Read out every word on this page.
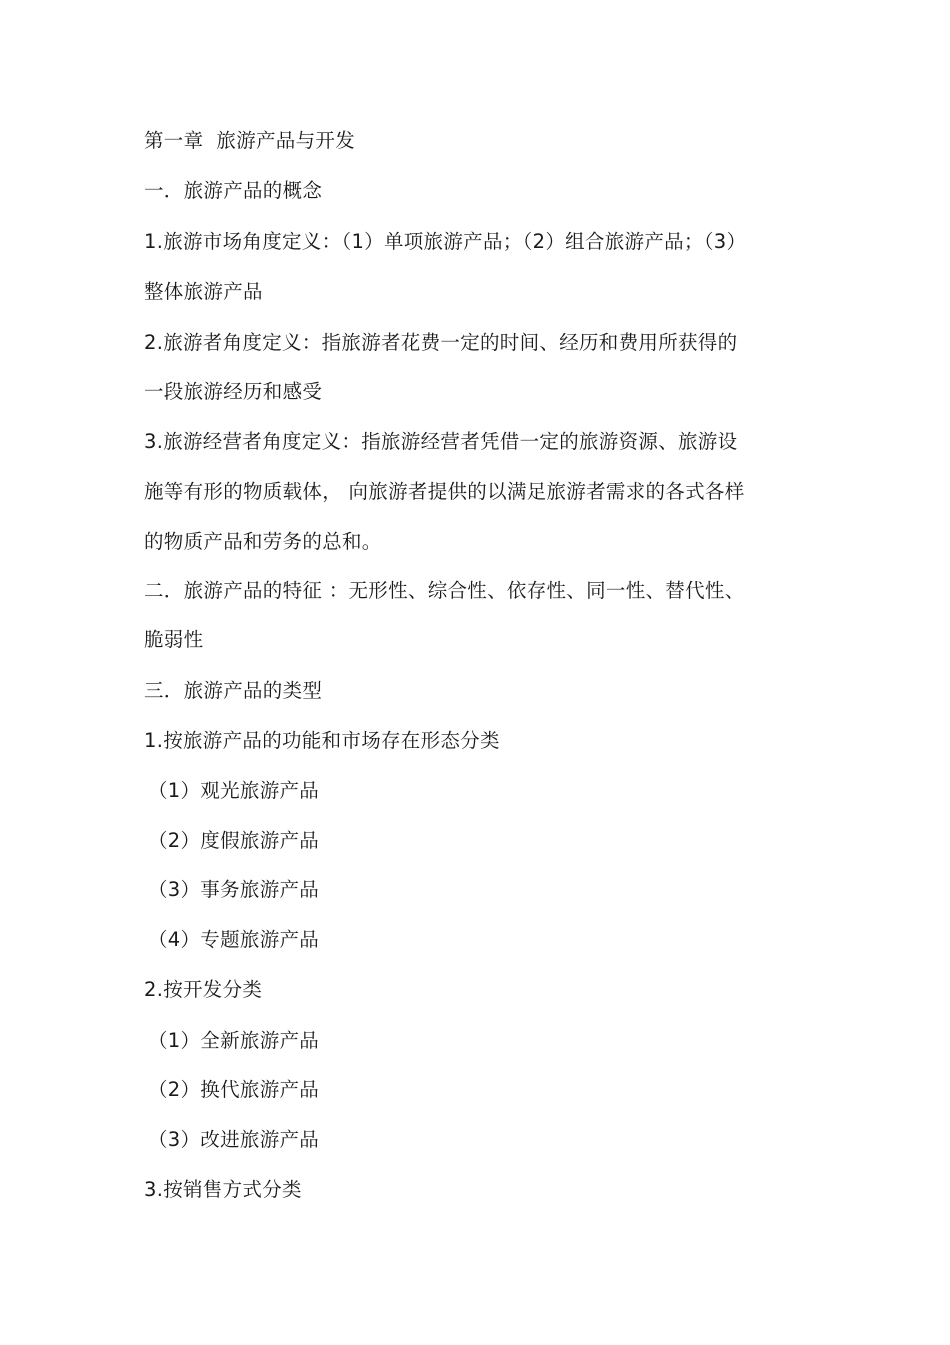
第一章  旅游产品与开发
一．旅游产品的概念
1.旅游市场角度定义：（1）单项旅游产品；（2）组合旅游产品；（3）
整体旅游产品
2.旅游者角度定义：指旅游者花费一定的时间、经历和费用所获得的
一段旅游经历和感受
3.旅游经营者角度定义：指旅游经营者凭借一定的旅游资源、旅游设
施等有形的物质载体， 向旅游者提供的以满足旅游者需求的各式各样
的物质产品和劳务的总和。
二．旅游产品的特征 ：无形性、综合性、依存性、同一性、替代性、
脆弱性
三．旅游产品的类型
1.按旅游产品的功能和市场存在形态分类
（1）观光旅游产品
（2）度假旅游产品
（3）事务旅游产品
（4）专题旅游产品
2.按开发分类
（1）全新旅游产品
（2）换代旅游产品
（3）改进旅游产品
3.按销售方式分类
